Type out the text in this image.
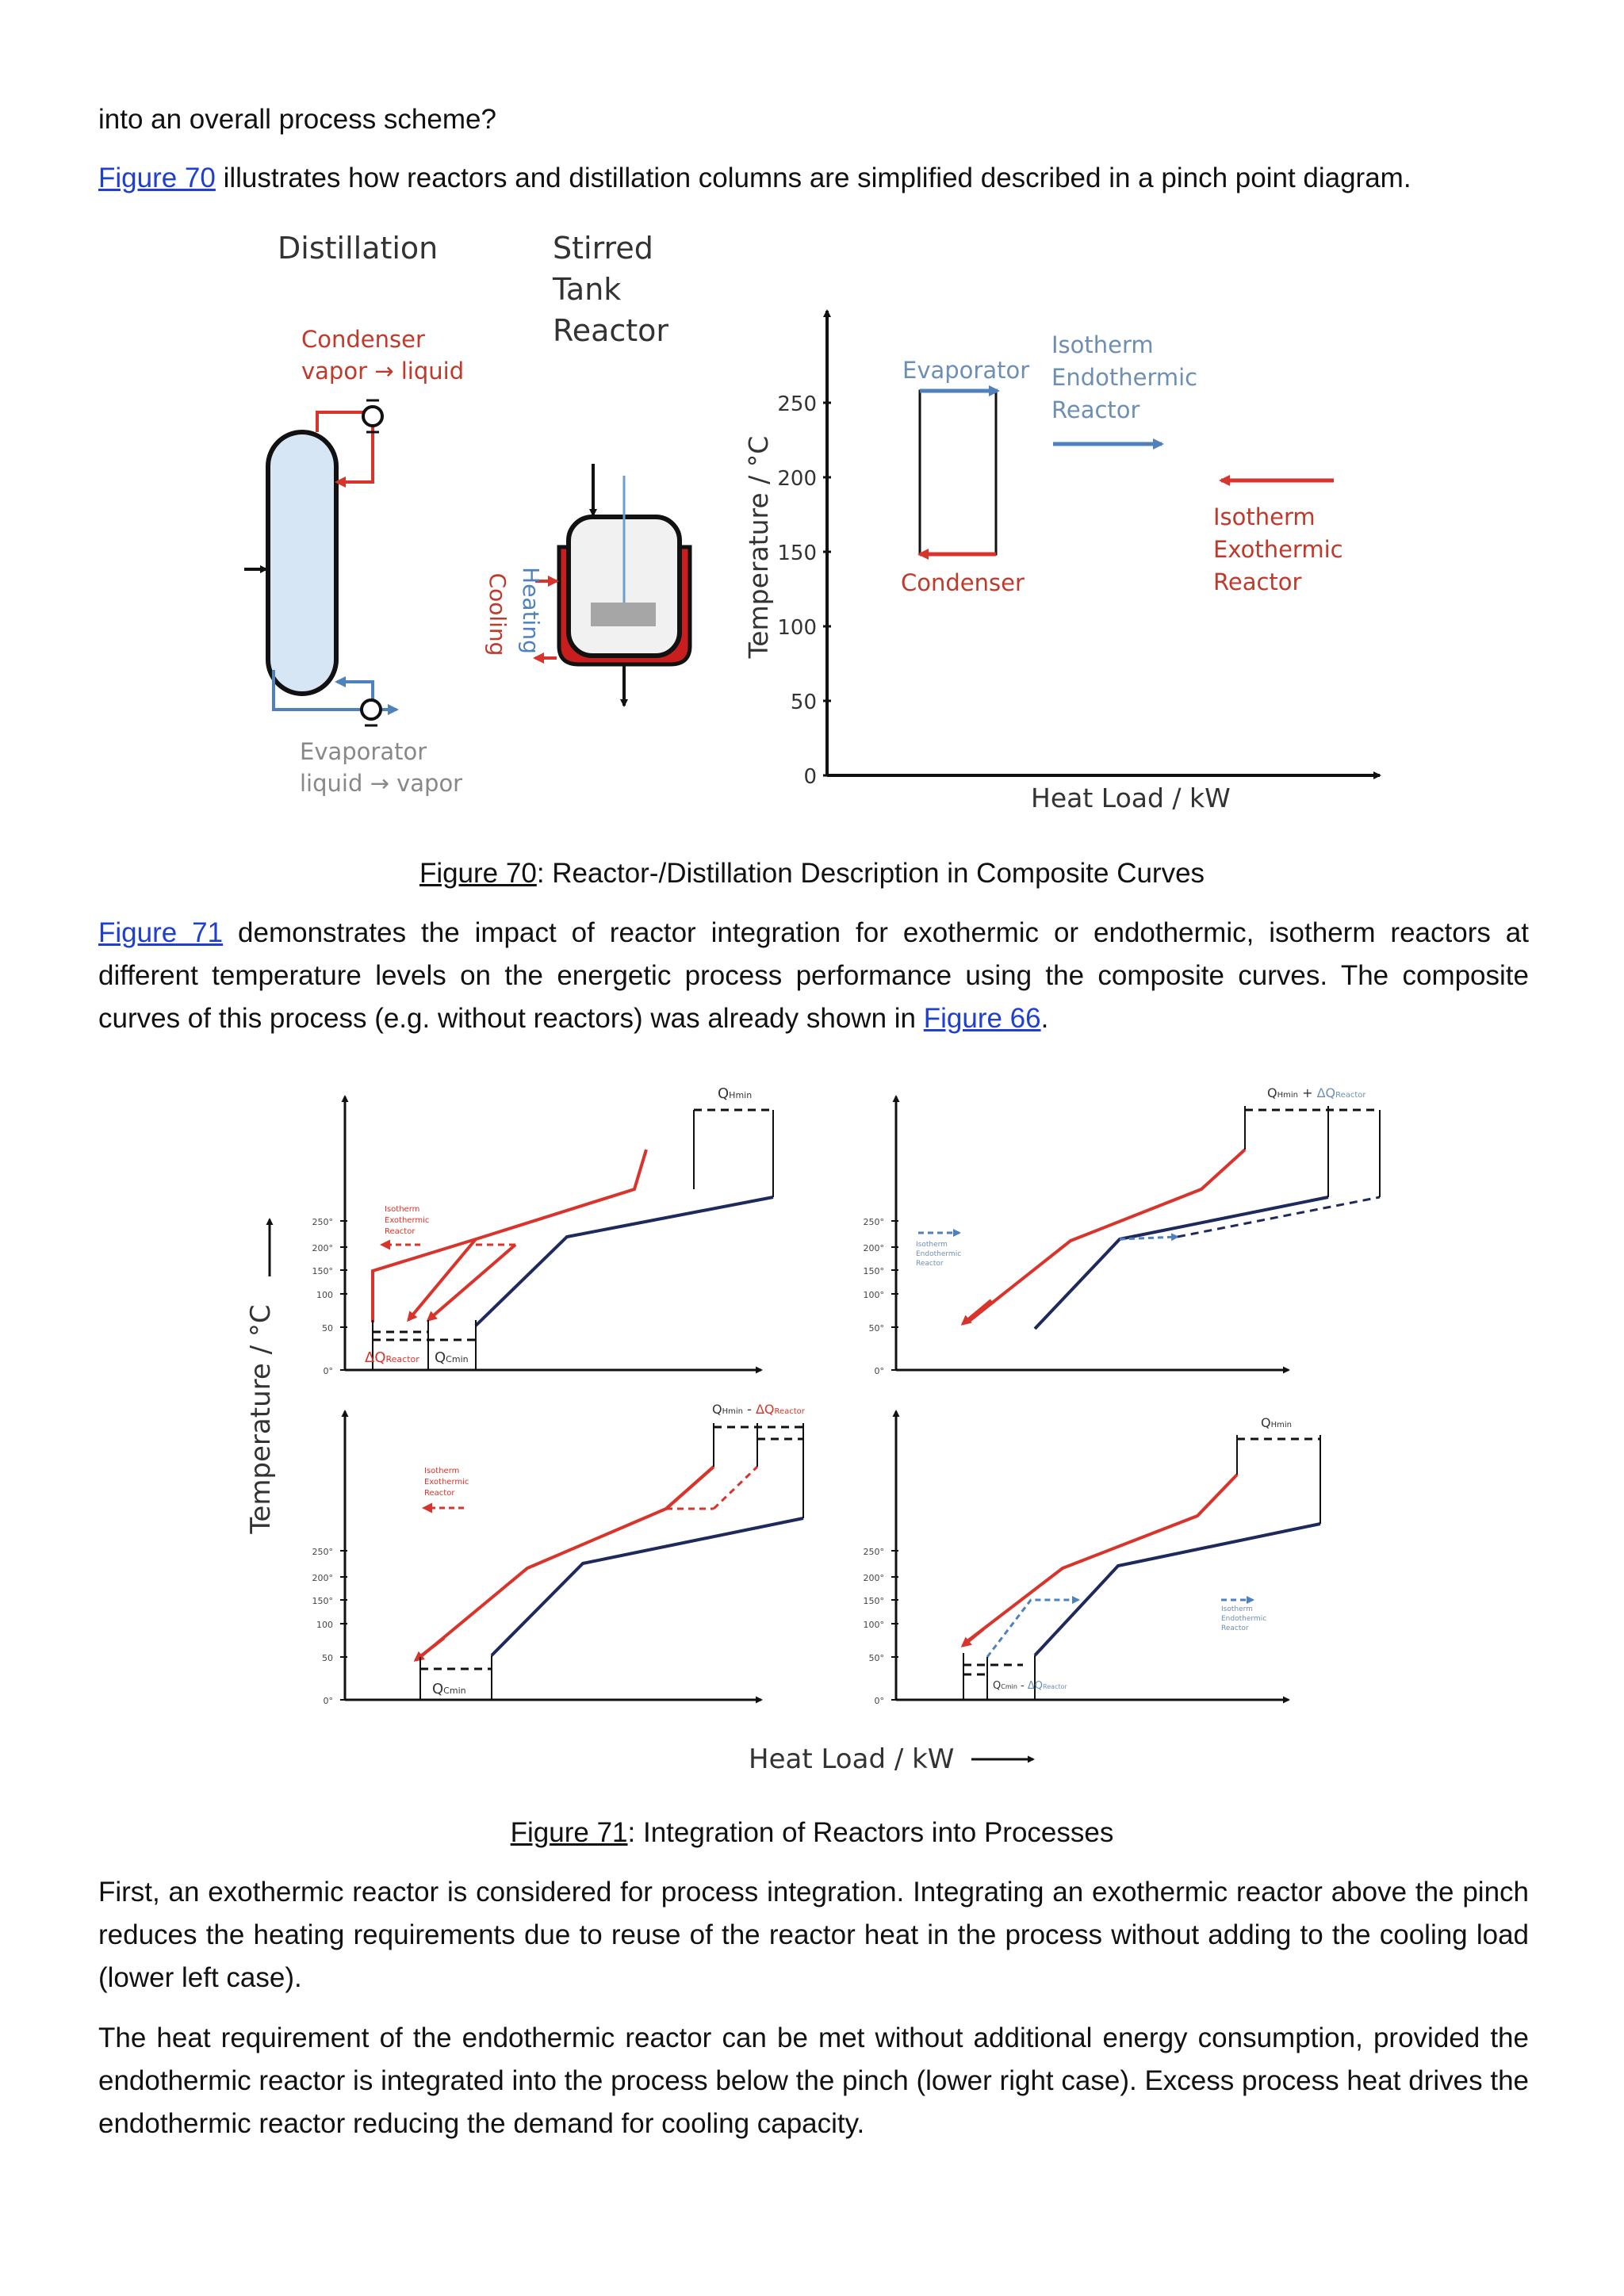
into an overall process scheme?

Figure 70 illustrates how reactors and distillation columns are simplified described in a pinch point diagram.

Distillation
Condenser
vapor → liquid
Evaporator
liquid → vapor
Stirred
Tank
Reactor
Heating
Cooling	Temperature / °C
0
50
100
150
200
250
Heat Load / kW
Evaporator
Condenser
Isotherm
Endothermic
Reactor
Isotherm
Exothermic
Reactor

Figure 70: Reactor-/Distillation Description in Composite Curves

Figure 71 demonstrates the impact of reactor integration for exothermic or endothermic, isotherm reactors at different temperature levels on the energetic process performance using the composite curves. The composite curves of this process (e.g. without reactors) was already shown in Figure 66.

Temperature / °C	0°
50
100
150°
200°
250°
ΔQReactor QCmin
QHmin
Isotherm
Exothermic
Reactor
0°
50°
100°
150°
200°
250°
QHmin + ΔQReactor
Isotherm
Endothermic
Reactor
0°
50
100
150°
200°
250°
QCmin
QHmin - ΔQReactor
Isotherm
Exothermic
Reactor
0°
50°
100°
150°
200°
250°
QCmin - ΔQReactor
QHmin
Isotherm
Endothermic
Reactor
Heat Load / kW

Figure 71: Integration of Reactors into Processes

First, an exothermic reactor is considered for process integration. Integrating an exothermic reactor above the pinch reduces the heating requirements due to reuse of the reactor heat in the process without adding to the cooling load (lower left case).

The heat requirement of the endothermic reactor can be met without additional energy consumption, provided the endothermic reactor is integrated into the process below the pinch (lower right case). Excess process heat drives the endothermic reactor reducing the demand for cooling capacity.
